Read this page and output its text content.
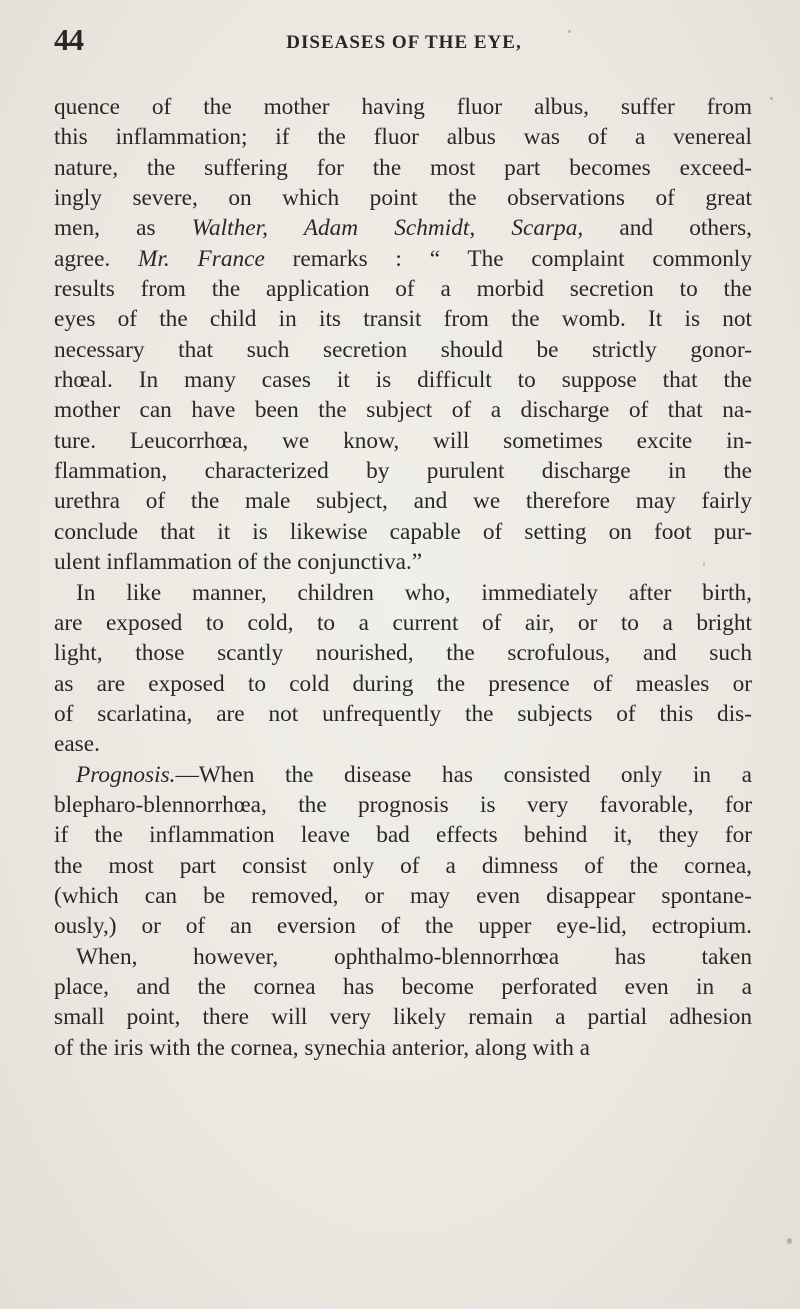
44	DISEASES OF THE EYE,
quence of the mother having fluor albus, suffer from
this inflammation; if the fluor albus was of a venereal
nature, the suffering for the most part becomes exceed-
ingly severe, on which point the observations of great
men, as Walther, Adam Schmidt, Scarpa, and others,
agree. Mr. France remarks : “ The complaint commonly
results from the application of a morbid secretion to the
eyes of the child in its transit from the womb. It is not
necessary that such secretion should be strictly gonor-
rhœal. In many cases it is difficult to suppose that the
mother can have been the subject of a discharge of that na-
ture. Leucorrhœa, we know, will sometimes excite in-
flammation, characterized by purulent discharge in the
urethra of the male subject, and we therefore may fairly
conclude that it is likewise capable of setting on foot pur-
ulent inflammation of the conjunctiva.”
In like manner, children who, immediately after birth,
are exposed to cold, to a current of air, or to a bright
light, those scantly nourished, the scrofulous, and such
as are exposed to cold during the presence of measles or
of scarlatina, are not unfrequently the subjects of this dis-
ease.
Prognosis.—When the disease has consisted only in a
blepharo-blennorrhœa, the prognosis is very favorable, for
if the inflammation leave bad effects behind it, they for
the most part consist only of a dimness of the cornea,
(which can be removed, or may even disappear spontane-
ously,) or of an eversion of the upper eye-lid, ectropium.
When, however, ophthalmo-blennorrhœa has taken
place, and the cornea has become perforated even in a
small point, there will very likely remain a partial adhesion
of the iris with the cornea, synechia anterior, along with a
